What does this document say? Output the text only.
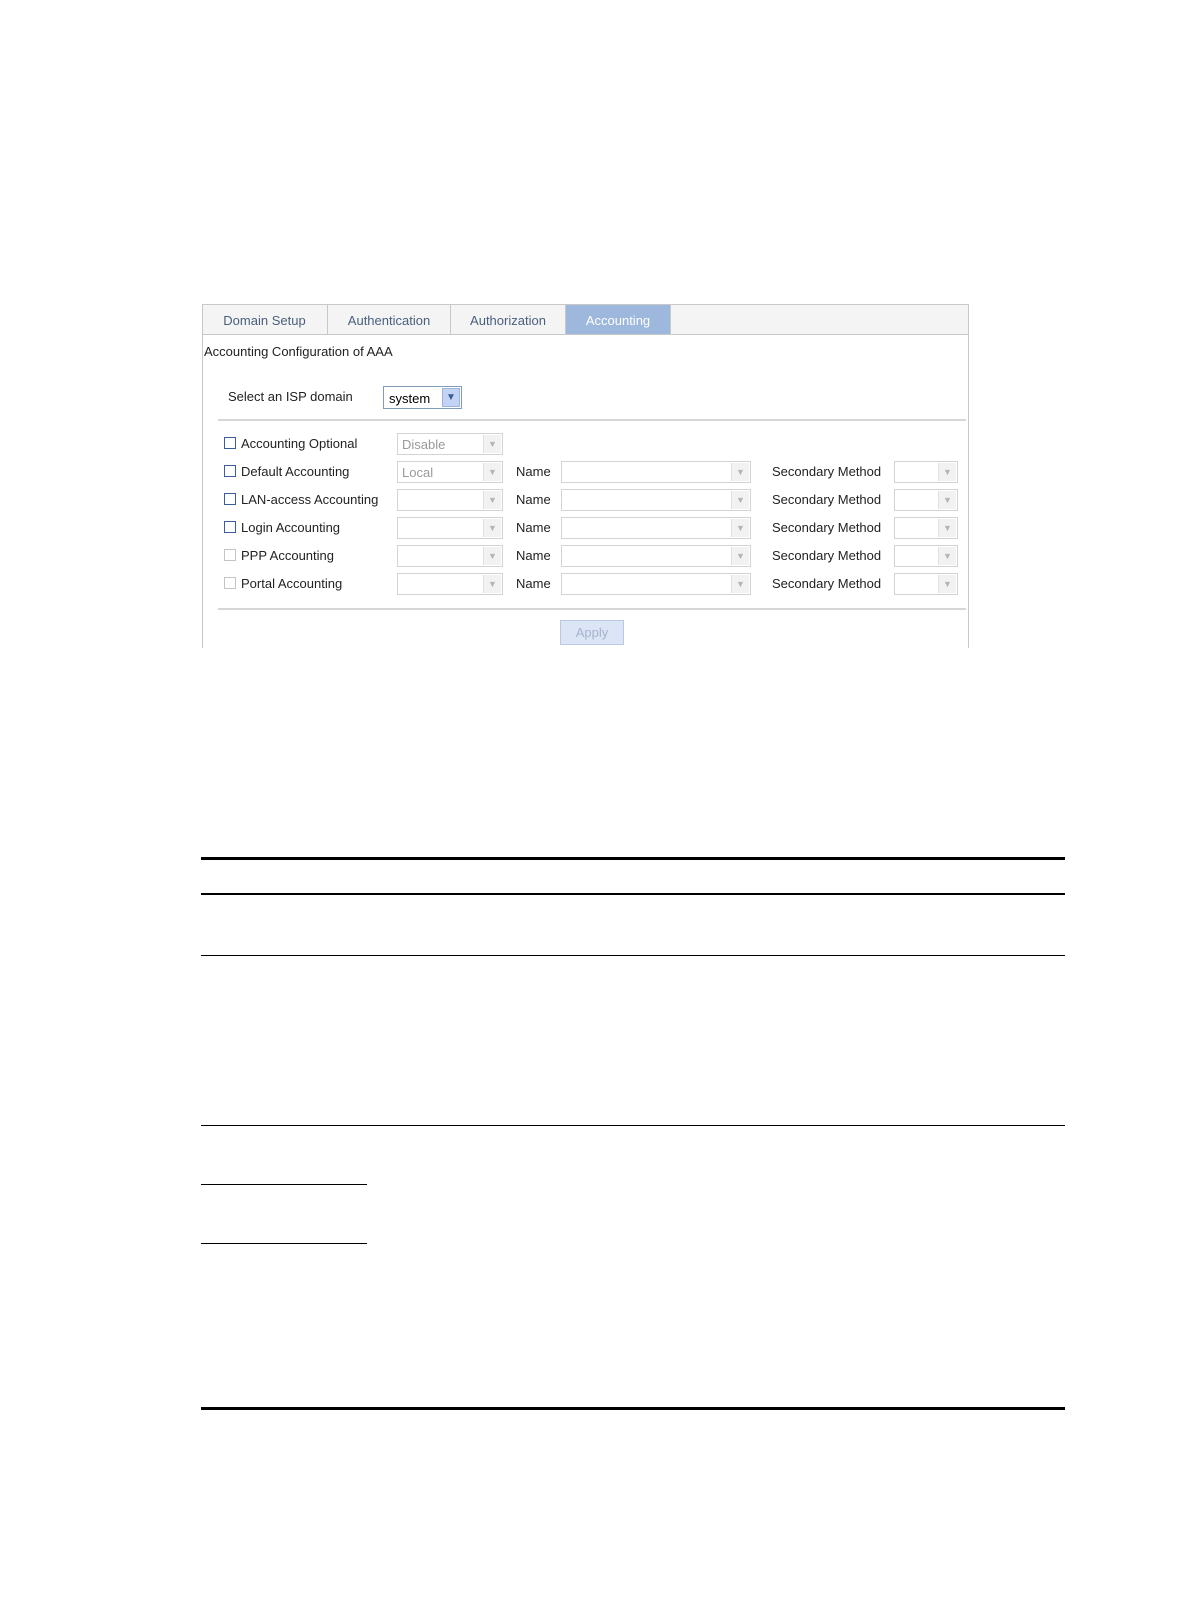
Domain Setup	Authentication	Authorization	Accounting
Accounting Configuration of AAA
Select an ISP domain	system	▼
Accounting Optional	Disable	▼
Default Accounting	Local	▼	Name	▼	Secondary Method	▼
LAN-access Accounting	▼	Name	▼	Secondary Method	▼
Login Accounting	▼	Name	▼	Secondary Method	▼
PPP Accounting	▼	Name	▼	Secondary Method	▼
Portal Accounting	▼	Name	▼	Secondary Method	▼
Apply
